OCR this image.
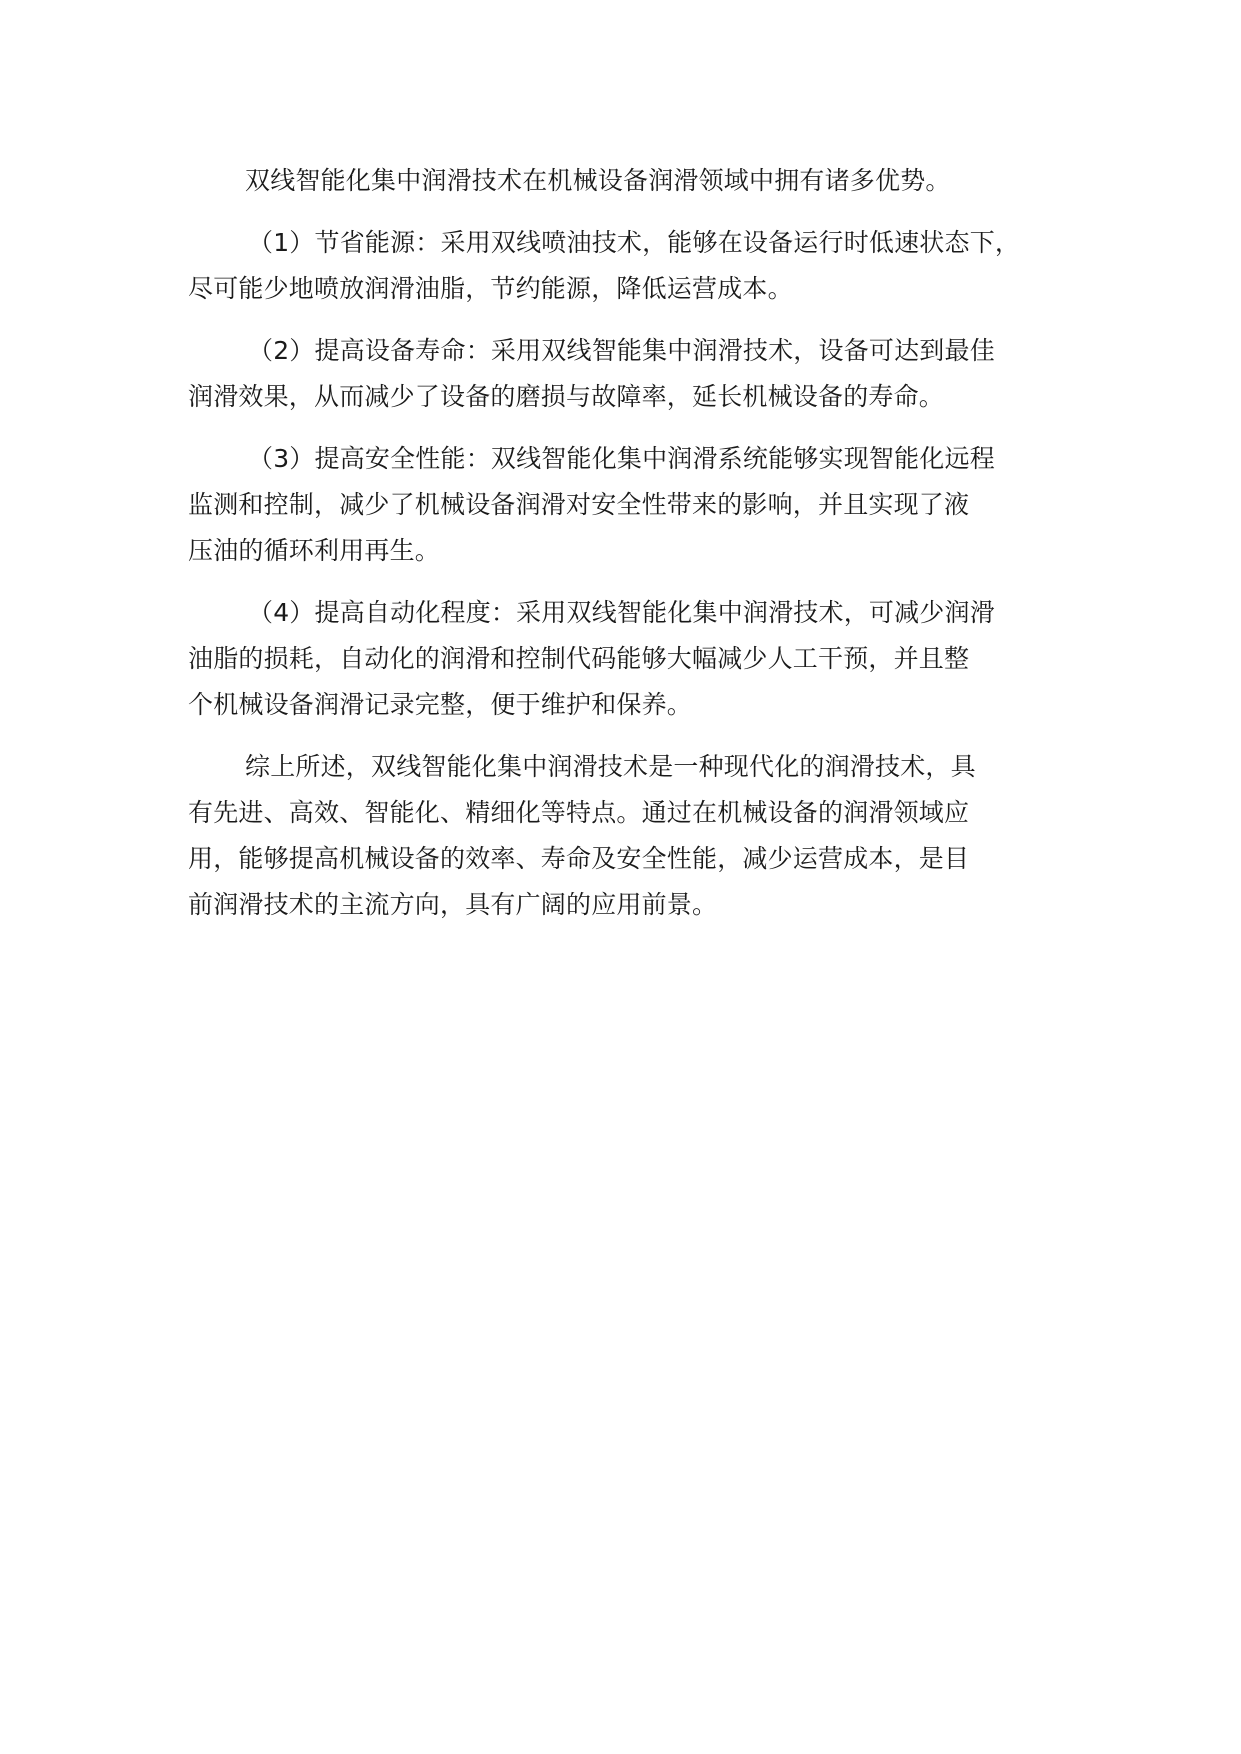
双线智能化集中润滑技术在机械设备润滑领域中拥有诸多优势。

（1）节省能源：采用双线喷油技术，能够在设备运行时低速状态下，
尽可能少地喷放润滑油脂，节约能源，降低运营成本。

（2）提高设备寿命：采用双线智能集中润滑技术，设备可达到最佳
润滑效果，从而减少了设备的磨损与故障率，延长机械设备的寿命。

（3）提高安全性能：双线智能化集中润滑系统能够实现智能化远程
监测和控制，减少了机械设备润滑对安全性带来的影响，并且实现了液
压油的循环利用再生。

（4）提高自动化程度：采用双线智能化集中润滑技术，可减少润滑
油脂的损耗，自动化的润滑和控制代码能够大幅减少人工干预，并且整
个机械设备润滑记录完整，便于维护和保养。

综上所述，双线智能化集中润滑技术是一种现代化的润滑技术，具
有先进、高效、智能化、精细化等特点。通过在机械设备的润滑领域应
用，能够提高机械设备的效率、寿命及安全性能，减少运营成本，是目
前润滑技术的主流方向，具有广阔的应用前景。
